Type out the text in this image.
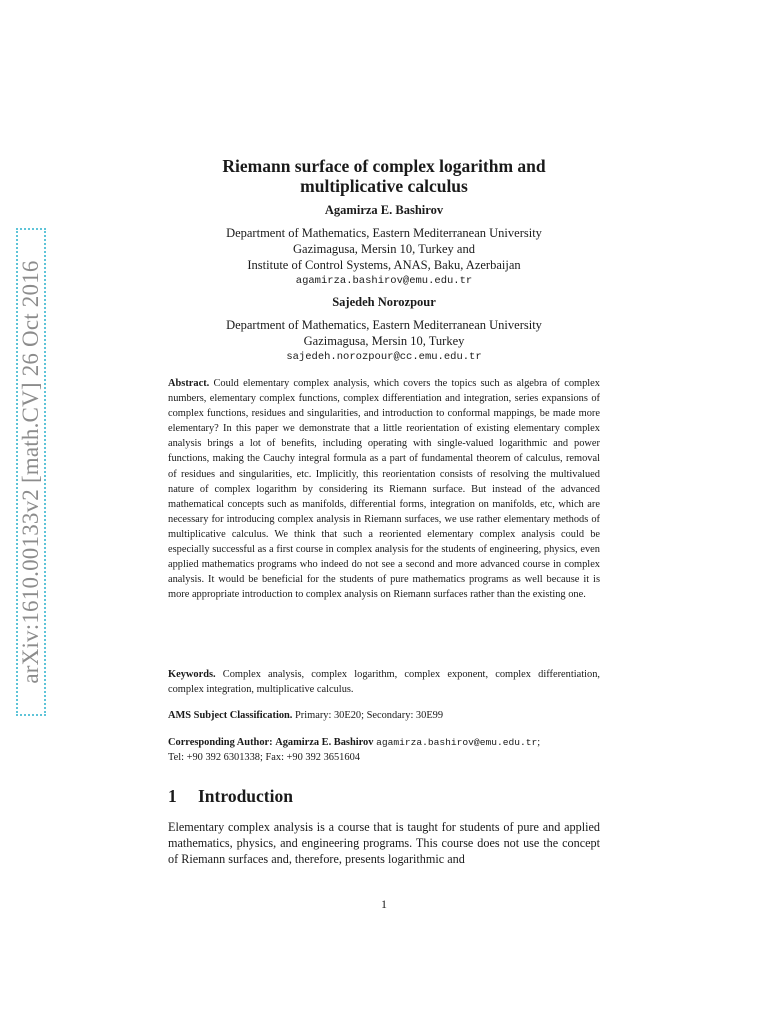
arXiv:1610.00133v2 [math.CV] 26 Oct 2016
Riemann surface of complex logarithm and
multiplicative calculus
Agamirza E. Bashirov
Department of Mathematics, Eastern Mediterranean University
Gazimagusa, Mersin 10, Turkey and
Institute of Control Systems, ANAS, Baku, Azerbaijan
agamirza.bashirov@emu.edu.tr
Sajedeh Norozpour
Department of Mathematics, Eastern Mediterranean University
Gazimagusa, Mersin 10, Turkey
sajedeh.norozpour@cc.emu.edu.tr
Abstract. Could elementary complex analysis, which covers the topics such as algebra of complex numbers, elementary complex functions, complex differentiation and integration, series expansions of complex functions, residues and singularities, and introduction to conformal mappings, be made more elementary? In this paper we demonstrate that a little reorientation of existing elementary complex analysis brings a lot of benefits, including operating with single-valued logarithmic and power functions, making the Cauchy integral formula as a part of fundamental theorem of calculus, removal of residues and singularities, etc. Implicitly, this reorientation consists of resolving the multivalued nature of complex logarithm by considering its Riemann surface. But instead of the advanced mathematical concepts such as manifolds, differential forms, integration on manifolds, etc, which are necessary for introducing complex analysis in Riemann surfaces, we use rather elementary methods of multiplicative calculus. We think that such a reoriented elementary complex analysis could be especially successful as a first course in complex analysis for the students of engineering, physics, even applied mathematics programs who indeed do not see a second and more advanced course in complex analysis. It would be beneficial for the students of pure mathematics programs as well because it is more appropriate introduction to complex analysis on Riemann surfaces rather than the existing one.
Keywords. Complex analysis, complex logarithm, complex exponent, complex differentiation, complex integration, multiplicative calculus.
AMS Subject Classification. Primary: 30E20; Secondary: 30E99
Corresponding Author: Agamirza E. Bashirov agamirza.bashirov@emu.edu.tr;
Tel: +90 392 6301338; Fax: +90 392 3651604
1 Introduction
Elementary complex analysis is a course that is taught for students of pure and applied mathematics, physics, and engineering programs. This course does not use the concept of Riemann surfaces and, therefore, presents logarithmic and
1
